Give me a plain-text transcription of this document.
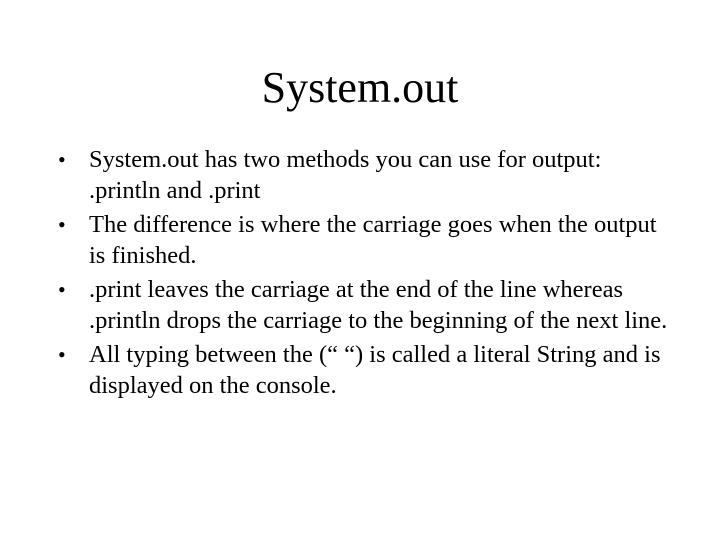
System.out
• System.out has two methods you can use for output: .println and .print
• The difference is where the carriage goes when the output is finished.
• .print leaves the carriage at the end of the line whereas .println drops the carriage to the beginning of the next line.
• All typing between the (“ “) is called a literal String and is displayed on the console.
